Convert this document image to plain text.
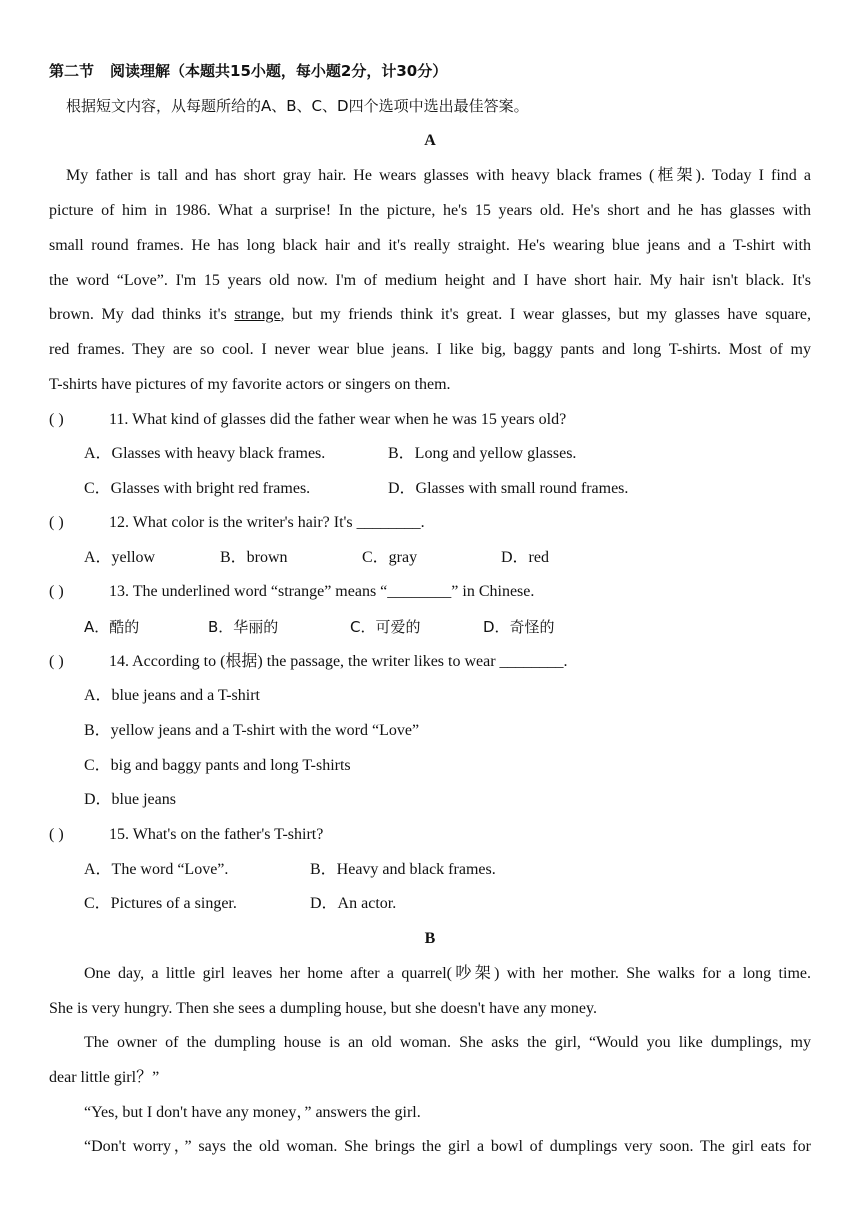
第二节 阅读理解（本题共15小题，每小题2分，计30分）
根据短文内容，从每题所给的A、B、C、D四个选项中选出最佳答案。
A
My father is tall and has short gray hair. He wears glasses with heavy black frames (框架). Today I find a
picture of him in 1986. What a surprise! In the picture, he's 15 years old. He's short and he has glasses with
small round frames. He has long black hair and it's really straight. He's wearing blue jeans and a T-shirt with
the word “Love”. I'm 15 years old now. I'm of medium height and I have short hair. My hair isn't black. It's
brown. My dad thinks it's strange, but my friends think it's great. I wear glasses, but my glasses have square,
red frames. They are so cool. I never wear blue jeans. I like big, baggy pants and long T-shirts. Most of my
T-shirts have pictures of my favorite actors or singers on them.
( )	11. What kind of glasses did the father wear when he was 15 years old?
A．Glasses with heavy black frames.	B．Long and yellow glasses.
C．Glasses with bright red frames.	D．Glasses with small round frames.
( )	12. What color is the writer's hair? It's ________.
A．yellow	B．brown	C．gray	D．red
( )	13. The underlined word “strange” means “________” in Chinese.
A．酷的	B．华丽的	C．可爱的	D．奇怪的
( )	14. According to (根据) the passage, the writer likes to wear ________.
A．blue jeans and a T-shirt
B．yellow jeans and a T-shirt with the word “Love”
C．big and baggy pants and long T-shirts
D．blue jeans
( )	15. What's on the father's T-shirt?
A．The word “Love”.	B．Heavy and black frames.
C．Pictures of a singer.	D．An actor.
B
One day, a little girl leaves her home after a quarrel(吵架) with her mother. She walks for a long time.
She is very hungry. Then she sees a dumpling house, but she doesn't have any money.
The owner of the dumpling house is an old woman. She asks the girl, “Would you like dumplings, my
dear little girl？”
“Yes, but I don't have any money，” answers the girl.
“Don't worry，” says the old woman. She brings the girl a bowl of dumplings very soon. The girl eats for
